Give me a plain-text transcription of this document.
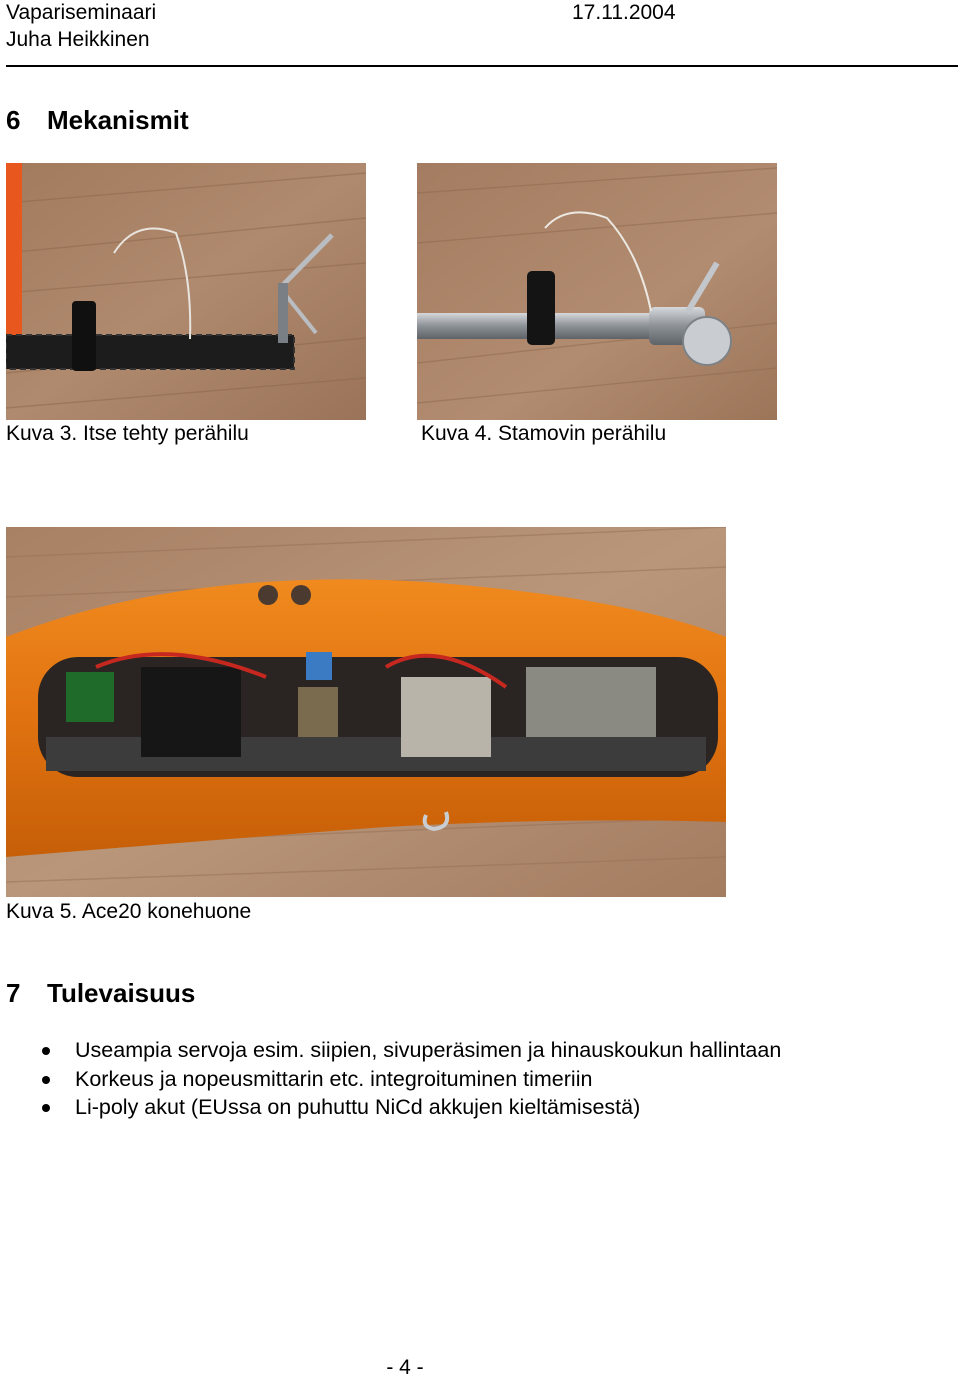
Vapariseminaari	17.11.2004
Juha Heikkinen
6 Mekanismit
Kuva 3. Itse tehty perähilu	Kuva 4. Stamovin perähilu
Kuva 5. Ace20 konehuone
7 Tulevaisuus
Useampia servoja esim. siipien, sivuperäsimen ja hinauskoukun hallintaan
Korkeus ja nopeusmittarin etc. integroituminen timeriin
Li-poly akut (EUssa on puhuttu NiCd akkujen kieltämisestä)
- 4 -
